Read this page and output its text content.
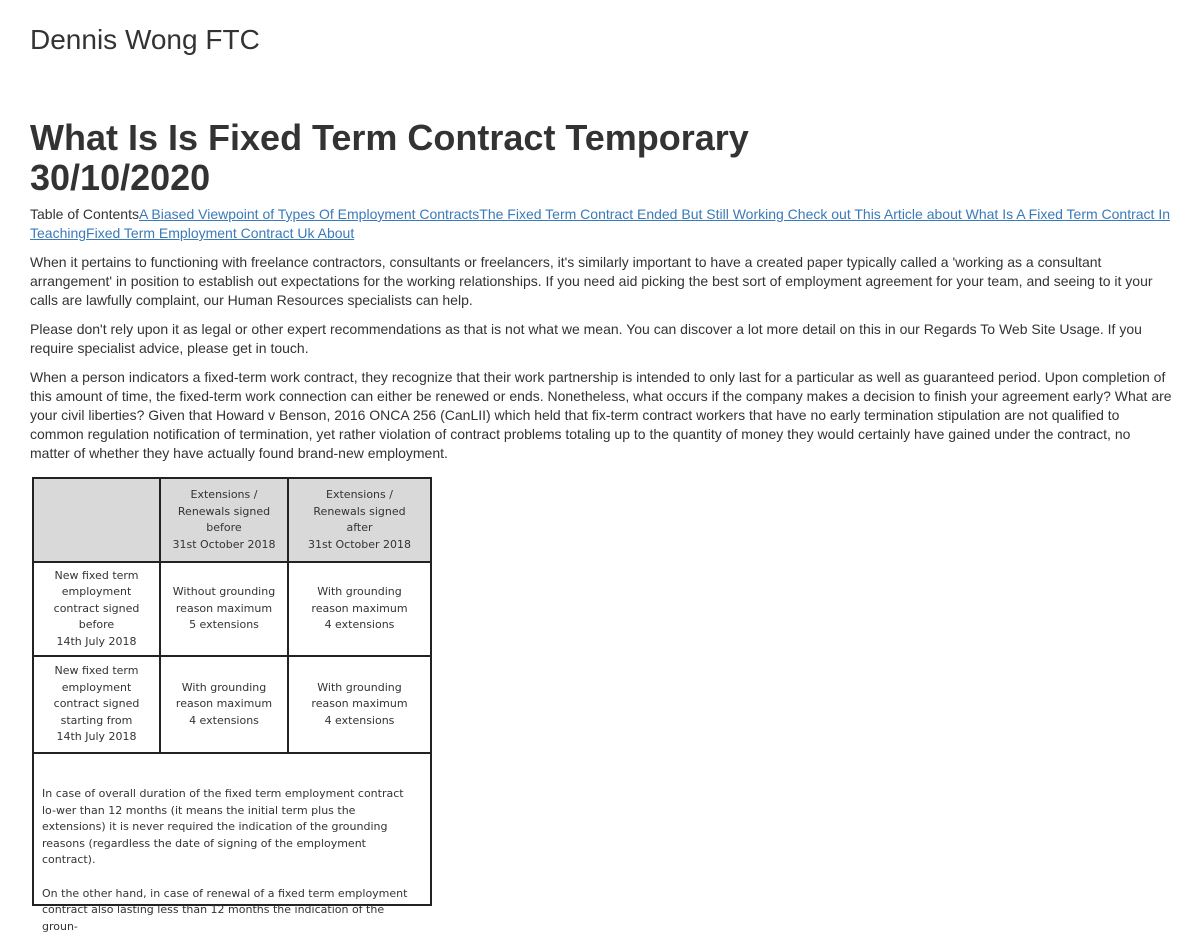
Dennis Wong FTC
What Is Is Fixed Term Contract Temporary 30/10/2020
Table of ContentsA Biased Viewpoint of Types Of Employment ContractsThe Fixed Term Contract Ended But Still Working Check out This Article about What Is A Fixed Term Contract In TeachingFixed Term Employment Contract Uk About

When it pertains to functioning with freelance contractors, consultants or freelancers, it's similarly important to have a created paper typically called a 'working as a consultant arrangement' in position to establish out expectations for the working relationships. If you need aid picking the best sort of employment agreement for your team, and seeing to it your calls are lawfully complaint, our Human Resources specialists can help.

Please don't rely upon it as legal or other expert recommendations as that is not what we mean. You can discover a lot more detail on this in our Regards To Web Site Usage. If you require specialist advice, please get in touch.

When a person indicators a fixed-term work contract, they recognize that their work partnership is intended to only last for a particular as well as guaranteed period. Upon completion of this amount of time, the fixed-term work connection can either be renewed or ends. Nonetheless, what occurs if the company makes a decision to finish your agreement early? What are your civil liberties? Given that Howard v Benson, 2016 ONCA 256 (CanLII) which held that fix-term contract workers that have no early termination stipulation are not qualified to common regulation notification of termination, yet rather violation of contract problems totaling up to the quantity of money they would certainly have gained under the contract, no matter of whether they have actually found brand-new employment.

Extensions /
Renewals signed
before
31st October 2018
Extensions /
Renewals signed
after
31st October 2018
New fixed term
employment
contract signed
before
14th July 2018
Without grounding
reason maximum
5 extensions
With grounding
reason maximum
4 extensions
New fixed term
employment
contract signed
starting from
14th July 2018
With grounding
reason maximum
4 extensions
With grounding
reason maximum
4 extensions

In case of overall duration of the fixed term employment contract lo-wer than 12 months (it means the initial term plus the extensions) it is never required the indication of the grounding reasons (regardless the date of signing of the employment contract).

On the other hand, in case of renewal of a fixed term employment contract also lasting less than 12 months the indication of the groun-
